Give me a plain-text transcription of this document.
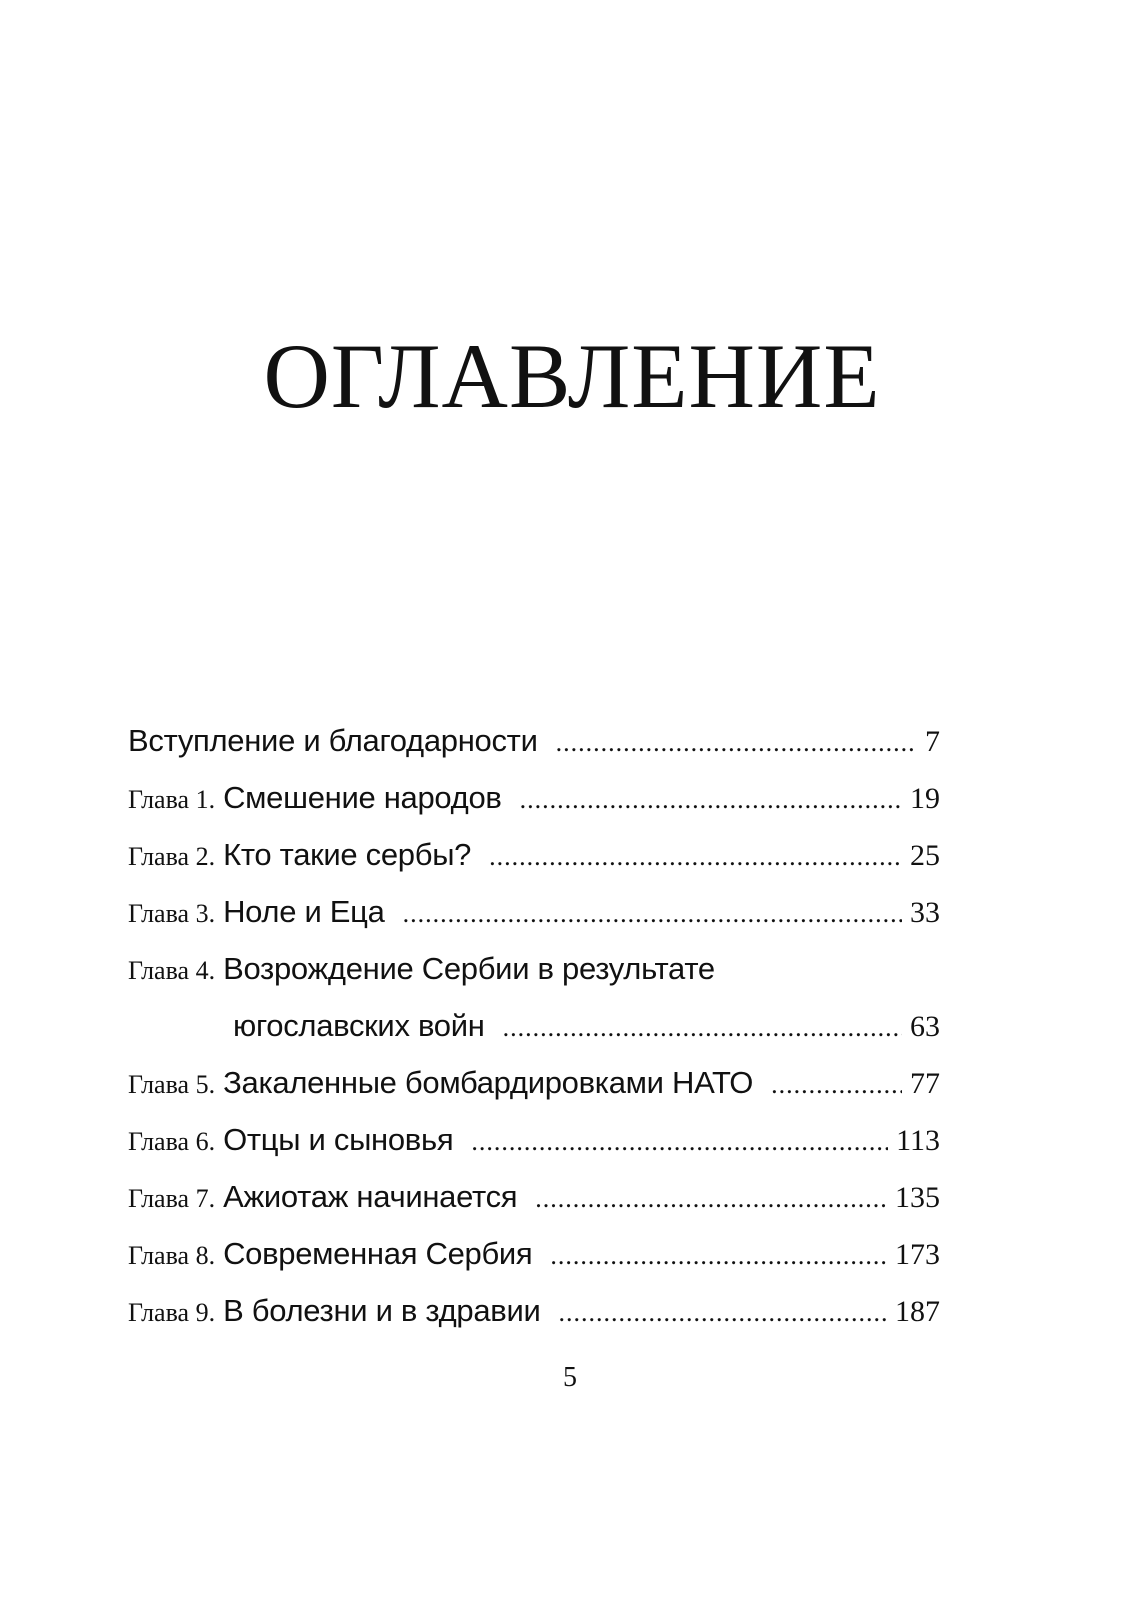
ОГЛАВЛЕНИЕ
Вступление и благодарности .....	7
Глава 1. Смешение народов .....	19
Глава 2. Кто такие сербы? .....	25
Глава 3. Ноле и Еца .....	33
Глава 4. Возрождение Сербии в результате
югославских войн .....	63
Глава 5. Закаленные бомбардировками НАТО .....	77
Глава 6. Отцы и сыновья .....	113
Глава 7. Ажиотаж начинается .....	135
Глава 8. Современная Сербия .....	173
Глава 9. В болезни и в здравии .....	187
5
